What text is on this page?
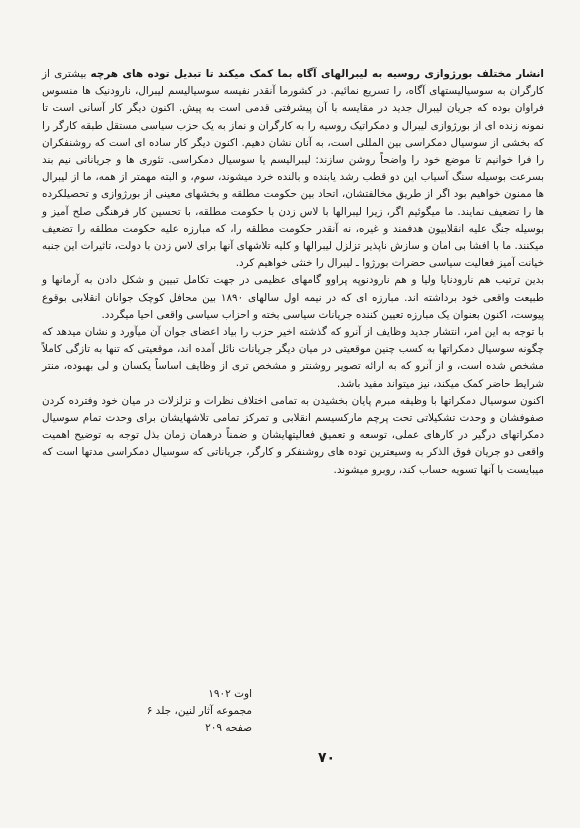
انشار مختلف بورژوازی روسیه به لیبرالهای آگاه بما کمک میکند تا تبدیل توده های هرچه بیشتری از کارگران به سوسیالیستهای آگاه، را تسریع نمائیم. در کشورما آنقدر نفیسه سوسیالیسم لیبرال، نارودنیک ها منسوس فراوان بوده که جریان لیبرال جدید در مقایسه با آن پیشرفتی قدمی است به پیش. اکنون دیگر کار آسانی است تا نمونه زنده ای از بورژوازی لیبرال و دمکراتیک روسیه را به کارگران و نماز به یک حزب سیاسی مستقل طبقه کارگر را که بخشی از سوسیال دمکراسی بین المللی است، به آنان نشان دهیم. اکنون دیگر کار ساده ای است که روشنفکران را فرا خوانیم تا موضع خود را واضحاً روشن سازند: لیبرالیسم یا سوسیال دمکراسی. تئوری ها و جریاناتی نیم بند بسرعت بوسیله سنگ آسیاب این دو قطب رشد یابنده و بالنده خرد میشوند، سوم، و البته مهمتر از همه، ما از لیبرال ها ممنون خواهیم بود اگر از طریق مخالفتشان، اتحاد بین حکومت مطلقه و بخشهای معینی از بورژوازی و تحصیلکرده ها را تضعیف نمایند. ما میگوئیم اگر، زیرا لیبرالها با لاس زدن با حکومت مطلقه، با تحسین کار فرهنگی صلح آمیز و بوسیله جنگ علیه انقلابیون هدفمند و غیره، نه آنقدر حکومت مطلقه را، که مبارزه علیه حکومت مطلقه را تضعیف میکنند. ما با افشا بی امان و سازش ناپذیر تزلزل لیبرالها و کلیه تلاشهای آنها برای لاس زدن با دولت، تاثیرات این جنبه خیانت آمیز فعالیت سیاسی حضرات بورژوا ـ لیبرال را خنثی خواهیم کرد.

بدین ترتیب هم نارودنایا ولیا و هم نارودنوپه پراوو گامهای عظیمی در جهت تکامل تبیین و شکل دادن به آرمانها و طبیعت واقعی خود برداشته اند. مبارزه ای که در نیمه اول سالهای ۱۸۹۰ بین محافل کوچک جوانان انقلابی بوقوع پیوست، اکنون بعنوان یک مبارزه تعیین کننده جریانات سیاسی بخته و احزاب سیاسی واقعی احیا میگردد.

با توجه به این امر، انتشار جدید وظایف از آنرو که گذشته اخیر حزب را بیاد اعضای جوان آن میآورد و نشان میدهد که چگونه سوسیال دمکراتها به کسب چنین موقعیتی در میان دیگر جریانات نائل آمده اند، موقعیتی که تنها به تازگی کاملاً مشخص شده است، و از آنرو که به ارائه تصویر روشنتر و مشخص تری از وظایف اساساً یکسان و لی بهبوده، منتر شرایط حاضر کمک میکند، نیز میتواند مفید باشد.

اکنون سوسیال دمکراتها با وظیفه مبرم پایان بخشیدن به تمامی اختلاف نظرات و تزلزلات در میان خود وفترده کردن صفوفشان و وحدت تشکیلاتی تحت پرچم مارکسیسم انقلابی و تمرکز تمامی تلاشهایشان برای وحدت تمام سوسیال دمکراتهای درگیر در کارهای عملی، توسعه و تعمیق فعالیتهایشان و ضمناً درهمان زمان بذل توجه به توضیح اهمیت واقعی دو جریان فوق الذکر به وسیعترین توده های روشنفکر و کارگر، جریاناتی که سوسیال دمکراسی مدتها است که میبایست با آنها تسویه حساب کند، روبرو میشوند.

اوت ۱۹۰۲
مجموعه آثار لنین، جلد ۶
صفحه ۲۰۹
۷۰
